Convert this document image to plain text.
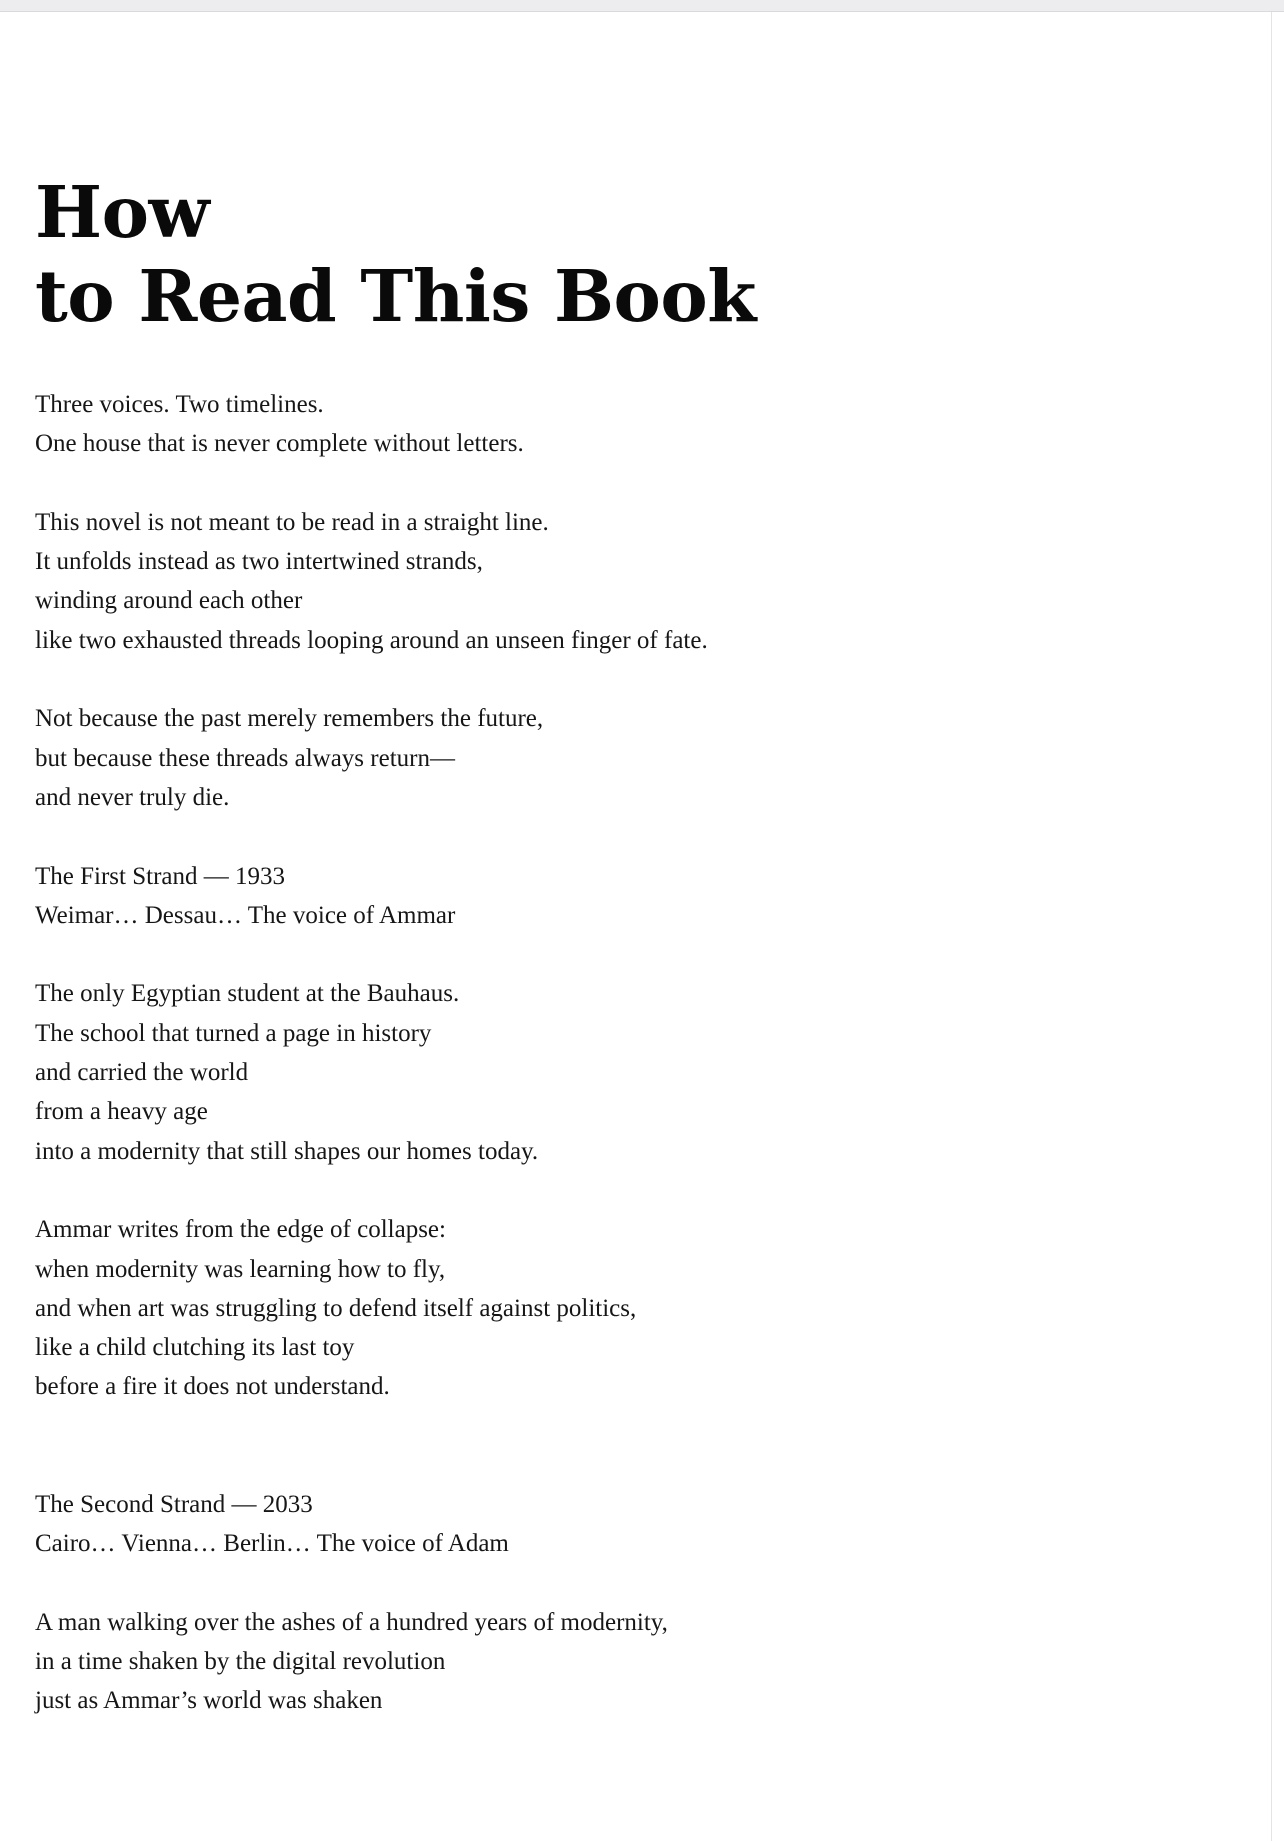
How
to Read This Book

Three voices. Two timelines.
One house that is never complete without letters.

This novel is not meant to be read in a straight line.
It unfolds instead as two intertwined strands,
winding around each other
like two exhausted threads looping around an unseen finger of fate.

Not because the past merely remembers the future,
but because these threads always return—
and never truly die.

The First Strand — 1933
Weimar… Dessau… The voice of Ammar

The only Egyptian student at the Bauhaus.
The school that turned a page in history
and carried the world
from a heavy age
into a modernity that still shapes our homes today.

Ammar writes from the edge of collapse:
when modernity was learning how to fly,
and when art was struggling to defend itself against politics,
like a child clutching its last toy
before a fire it does not understand.

The Second Strand — 2033
Cairo… Vienna… Berlin… The voice of Adam

A man walking over the ashes of a hundred years of modernity,
in a time shaken by the digital revolution
just as Ammar’s world was shaken
